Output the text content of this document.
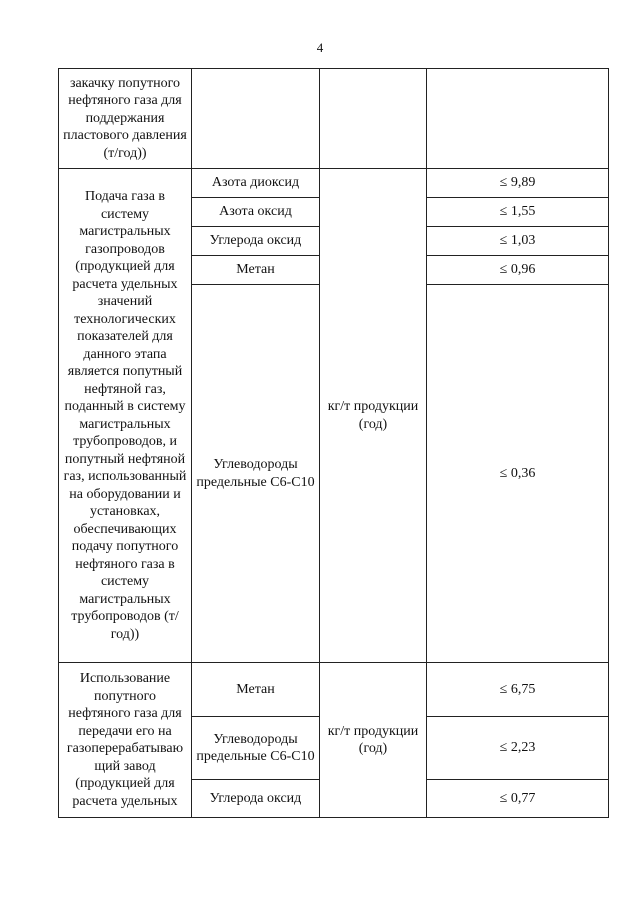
4
закачку попутного нефтяного газа для поддержания пластового давления (т/год))			
Подача газа в систему магистральных газопроводов (продукцией для расчета удельных значений технологических показателей для данного этапа является попутный нефтяной газ, поданный в систему магистральных трубопроводов, и попутный нефтяной газ, использованный на оборудовании и установках, обеспечивающих подачу попутного нефтяного газа в систему магистральных трубопроводов (т/год))	Азота диоксид	кг/т продукции (год)	≤ 9,89
	Азота оксид		≤ 1,55
	Углерода оксид		≤ 1,03
	Метан		≤ 0,96
	Углеводороды предельные С6-С10		≤ 0,36
Использование попутного нефтяного газа для передачи его на газоперерабатываю щий завод (продукцией для расчета удельных	Метан	кг/т продукции (год)	≤ 6,75
	Углеводороды предельные С6-С10		≤ 2,23
	Углерода оксид		≤ 0,77
